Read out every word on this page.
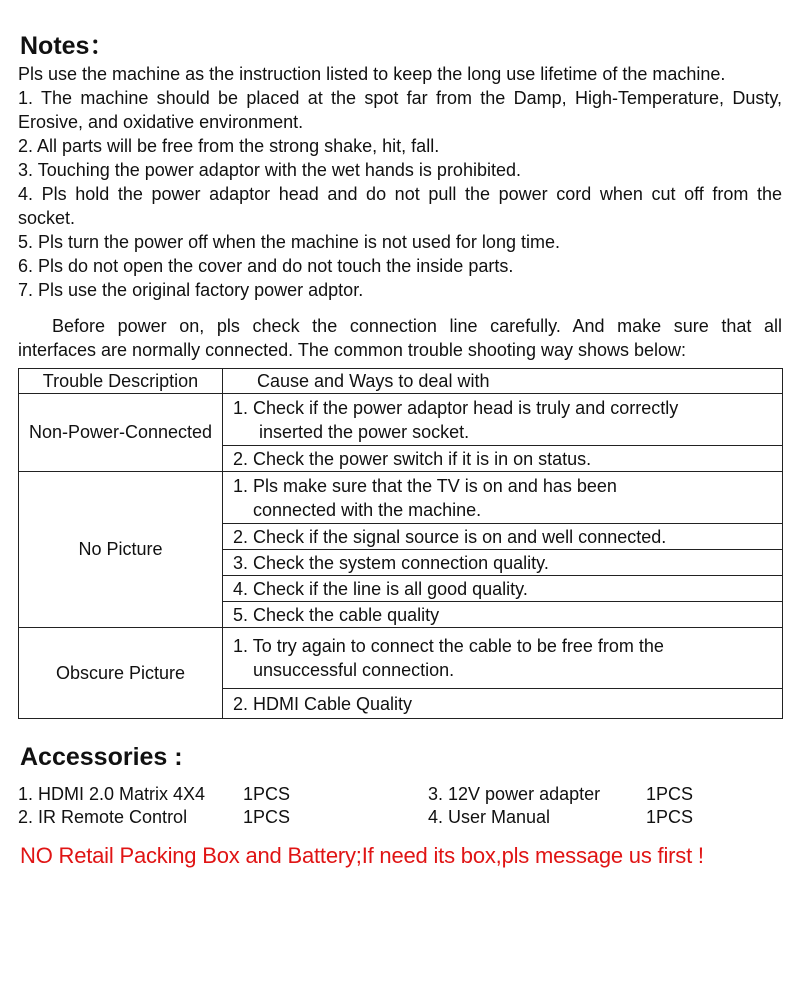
Notes：
Pls use the machine as the instruction listed to keep the long use lifetime of the machine.
1. The machine should be placed at the spot far from the Damp, High-Temperature, Dusty,
Erosive, and oxidative environment.
2. All parts will be free from the strong shake, hit, fall.
3. Touching the power adaptor with the wet hands is prohibited.
4. Pls hold the power adaptor head and do not pull the power cord when cut off from the
socket.
5. Pls turn the power off when the machine is not used for long time.
6. Pls do not open the cover and do not touch the inside parts.
7. Pls use the original factory power adptor.
Before power on, pls check the connection line carefully. And make sure that all
interfaces are normally connected. The common trouble shooting way shows below:
Trouble Description	Cause and Ways to deal with
Non-Power-Connected	1. Check if the power adaptor head is truly and correctly
inserted the power socket.

	2. Check the power switch if it is in on status.
No Picture	1. Pls make sure that the TV is on and has been
connected with the machine.

	2. Check if the signal source is on and well connected.
	3. Check the system connection quality.
	4. Check if the line is all good quality.
	5. Check the cable quality
Obscure Picture	1. To try again to connect the cable to be free from the
unsuccessful connection.

	2. HDMI Cable Quality
Accessories :
1. HDMI 2.0 Matrix 4X4 1PCS
2. IR Remote Control	1PCS
3. 12V power adapter	1PCS
4. User Manual	1PCS
NO Retail Packing Box and Battery;If need its box,pls message us first !
